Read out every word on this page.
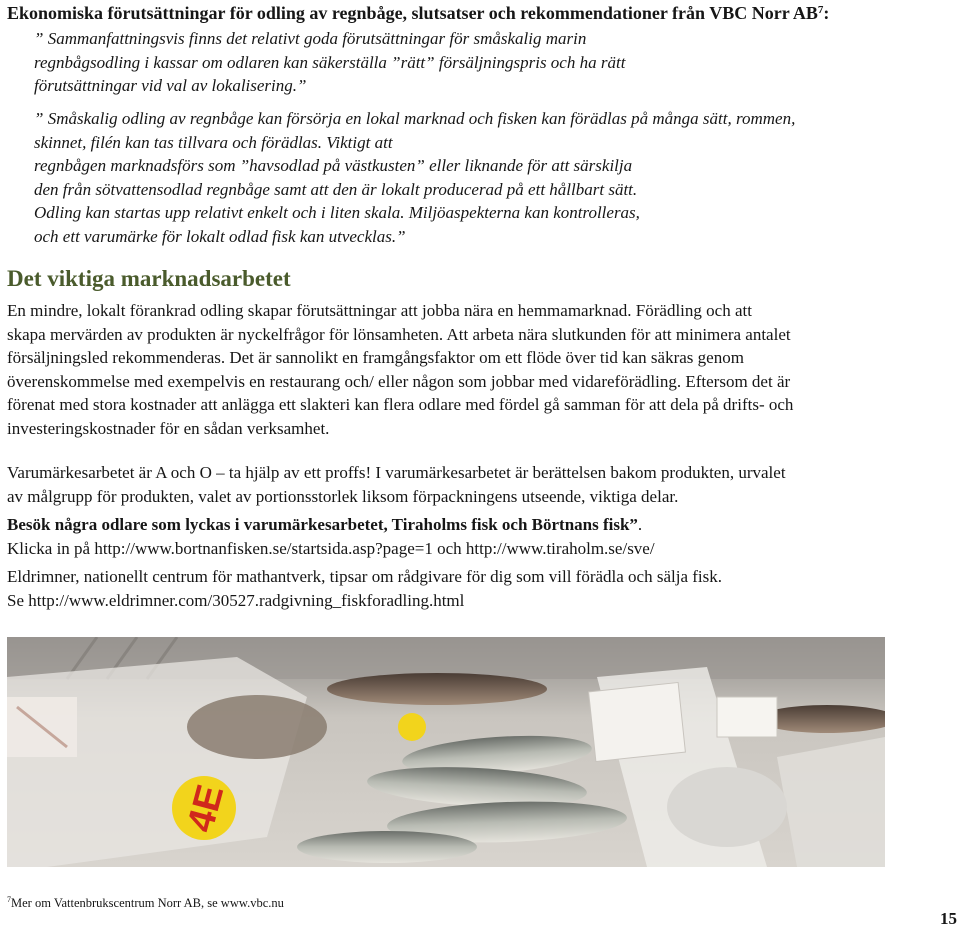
Ekonomiska förutsättningar för odling av regnbåge, slutsatser och rekommendationer från VBC Norr $AB^7$:
” Sammanfattningsvis finns det relativt goda förutsättningar för småskalig marin
regnbågsodling i kassar om odlaren kan säkerställa ”rätt” försäljningspris och ha rätt
förutsättningar vid val av lokalisering.”
” Småskalig odling av regnbåge kan försörja en lokal marknad och fisken kan förädlas på många sätt, rommen,
skinnet, filén kan tas tillvara och förädlas. Viktigt att
regnbågen marknadsförs som ”havsodlad på västkusten” eller liknande för att särskilja
den från sötvattensodlad regnbåge samt att den är lokalt producerad på ett hållbart sätt.
Odling kan startas upp relativt enkelt och i liten skala. Miljöaspekterna kan kontrolleras,
och ett varumärke för lokalt odlad fisk kan utvecklas.”
Det viktiga marknadsarbetet
En mindre, lokalt förankrad odling skapar förutsättningar att jobba nära en hemmamarknad. Förädling och att
skapa mervärden av produkten är nyckelfrågor för lönsamheten. Att arbeta nära slutkunden för att minimera antalet
försäljningsled rekommenderas. Det är sannolikt en framgångsfaktor om ett flöde över tid kan säkras genom
överenskommelse med exempelvis en restaurang och/ eller någon som jobbar med vidareförädling. Eftersom det är
förenat med stora kostnader att anlägga ett slakteri kan flera odlare med fördel gå samman för att dela på drifts- och
investeringskostnader för en sådan verksamhet.
Varumärkesarbetet är A och O – ta hjälp av ett proffs! I varumärkesarbetet är berättelsen bakom produkten, urvalet
av målgrupp för produkten, valet av portionsstorlek liksom förpackningens utseende, viktiga delar.
Besök några odlare som lyckas i varumärkesarbetet, Tiraholms fisk och Börtnans fisk”.
Klicka in på http://www.bortnanfisken.se/startsida.asp?page=1 och http://www.tiraholm.se/sve/
Eldrimner, nationellt centrum för mathantverk, tipsar om rådgivare för dig som vill förädla och sälja fisk.
Se http://www.eldrimner.com/30527.radgivning_fiskforadling.html
4E
$^7$Mer om Vattenbrukscentrum Norr AB, se www.vbc.nu
15
